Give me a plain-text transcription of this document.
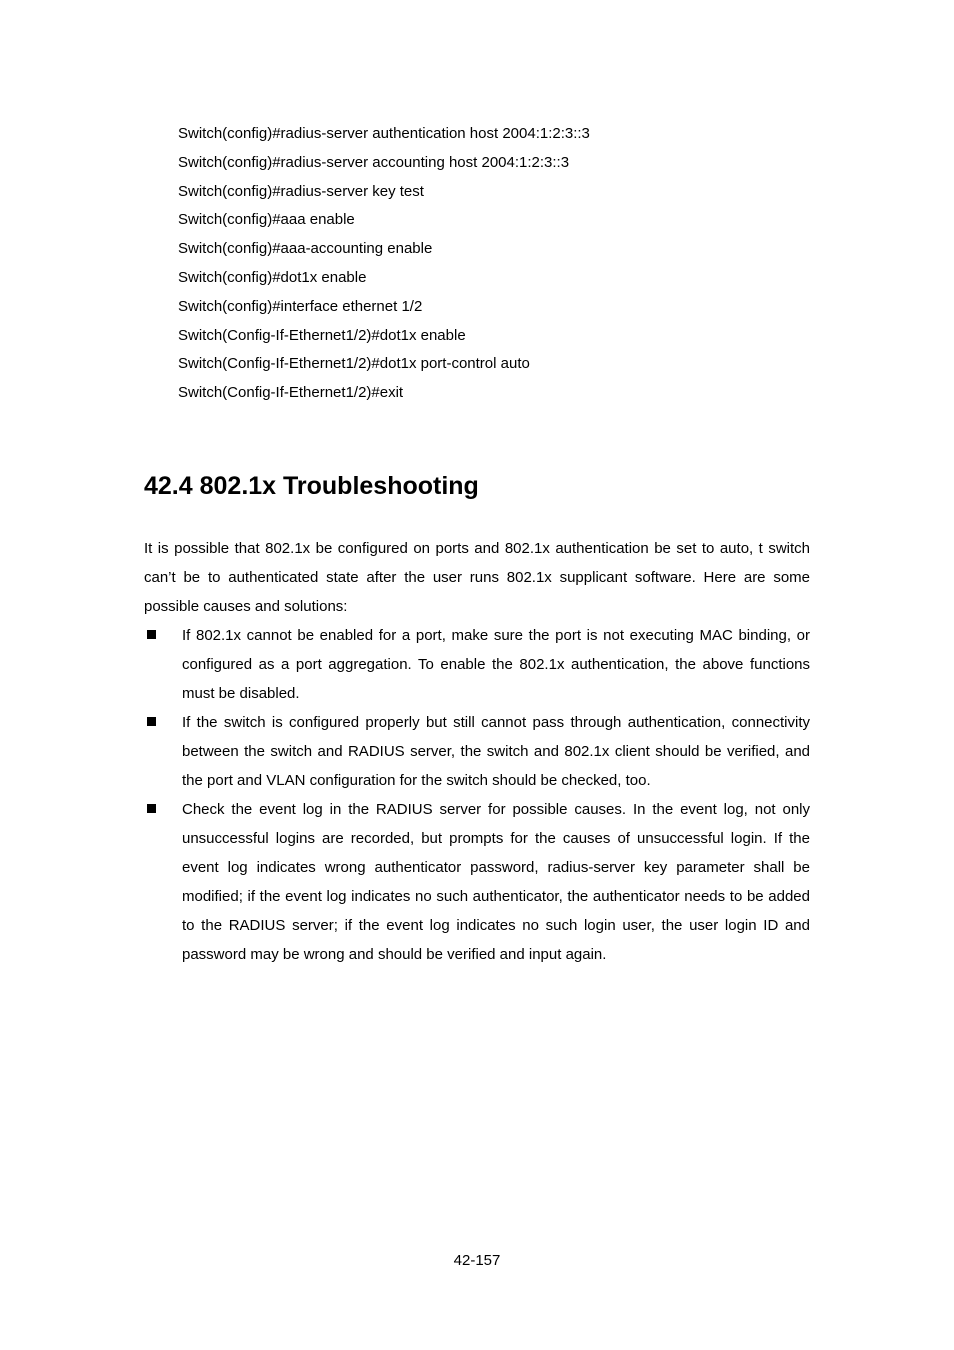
Switch(config)#radius-server authentication host 2004:1:2:3::3
Switch(config)#radius-server accounting host 2004:1:2:3::3
Switch(config)#radius-server key test
Switch(config)#aaa enable
Switch(config)#aaa-accounting enable
Switch(config)#dot1x enable
Switch(config)#interface ethernet 1/2
Switch(Config-If-Ethernet1/2)#dot1x enable
Switch(Config-If-Ethernet1/2)#dot1x port-control auto
Switch(Config-If-Ethernet1/2)#exit
42.4 802.1x Troubleshooting

It is possible that 802.1x be configured on ports and 802.1x authentication be set to auto, t switch can’t be to authenticated state after the user runs 802.1x supplicant software. Here are some possible causes and solutions:

If 802.1x cannot be enabled for a port, make sure the port is not executing MAC binding, or configured as a port aggregation. To enable the 802.1x authentication, the above functions must be disabled.
If the switch is configured properly but still cannot pass through authentication, connectivity between the switch and RADIUS server, the switch and 802.1x client should be verified, and the port and VLAN configuration for the switch should be checked, too.
Check the event log in the RADIUS server for possible causes. In the event log, not only unsuccessful logins are recorded, but prompts for the causes of unsuccessful login. If the event log indicates wrong authenticator password, radius-server key parameter shall be modified; if the event log indicates no such authenticator, the authenticator needs to be added to the RADIUS server; if the event log indicates no such login user, the user login ID and password may be wrong and should be verified and input again.
42-157
